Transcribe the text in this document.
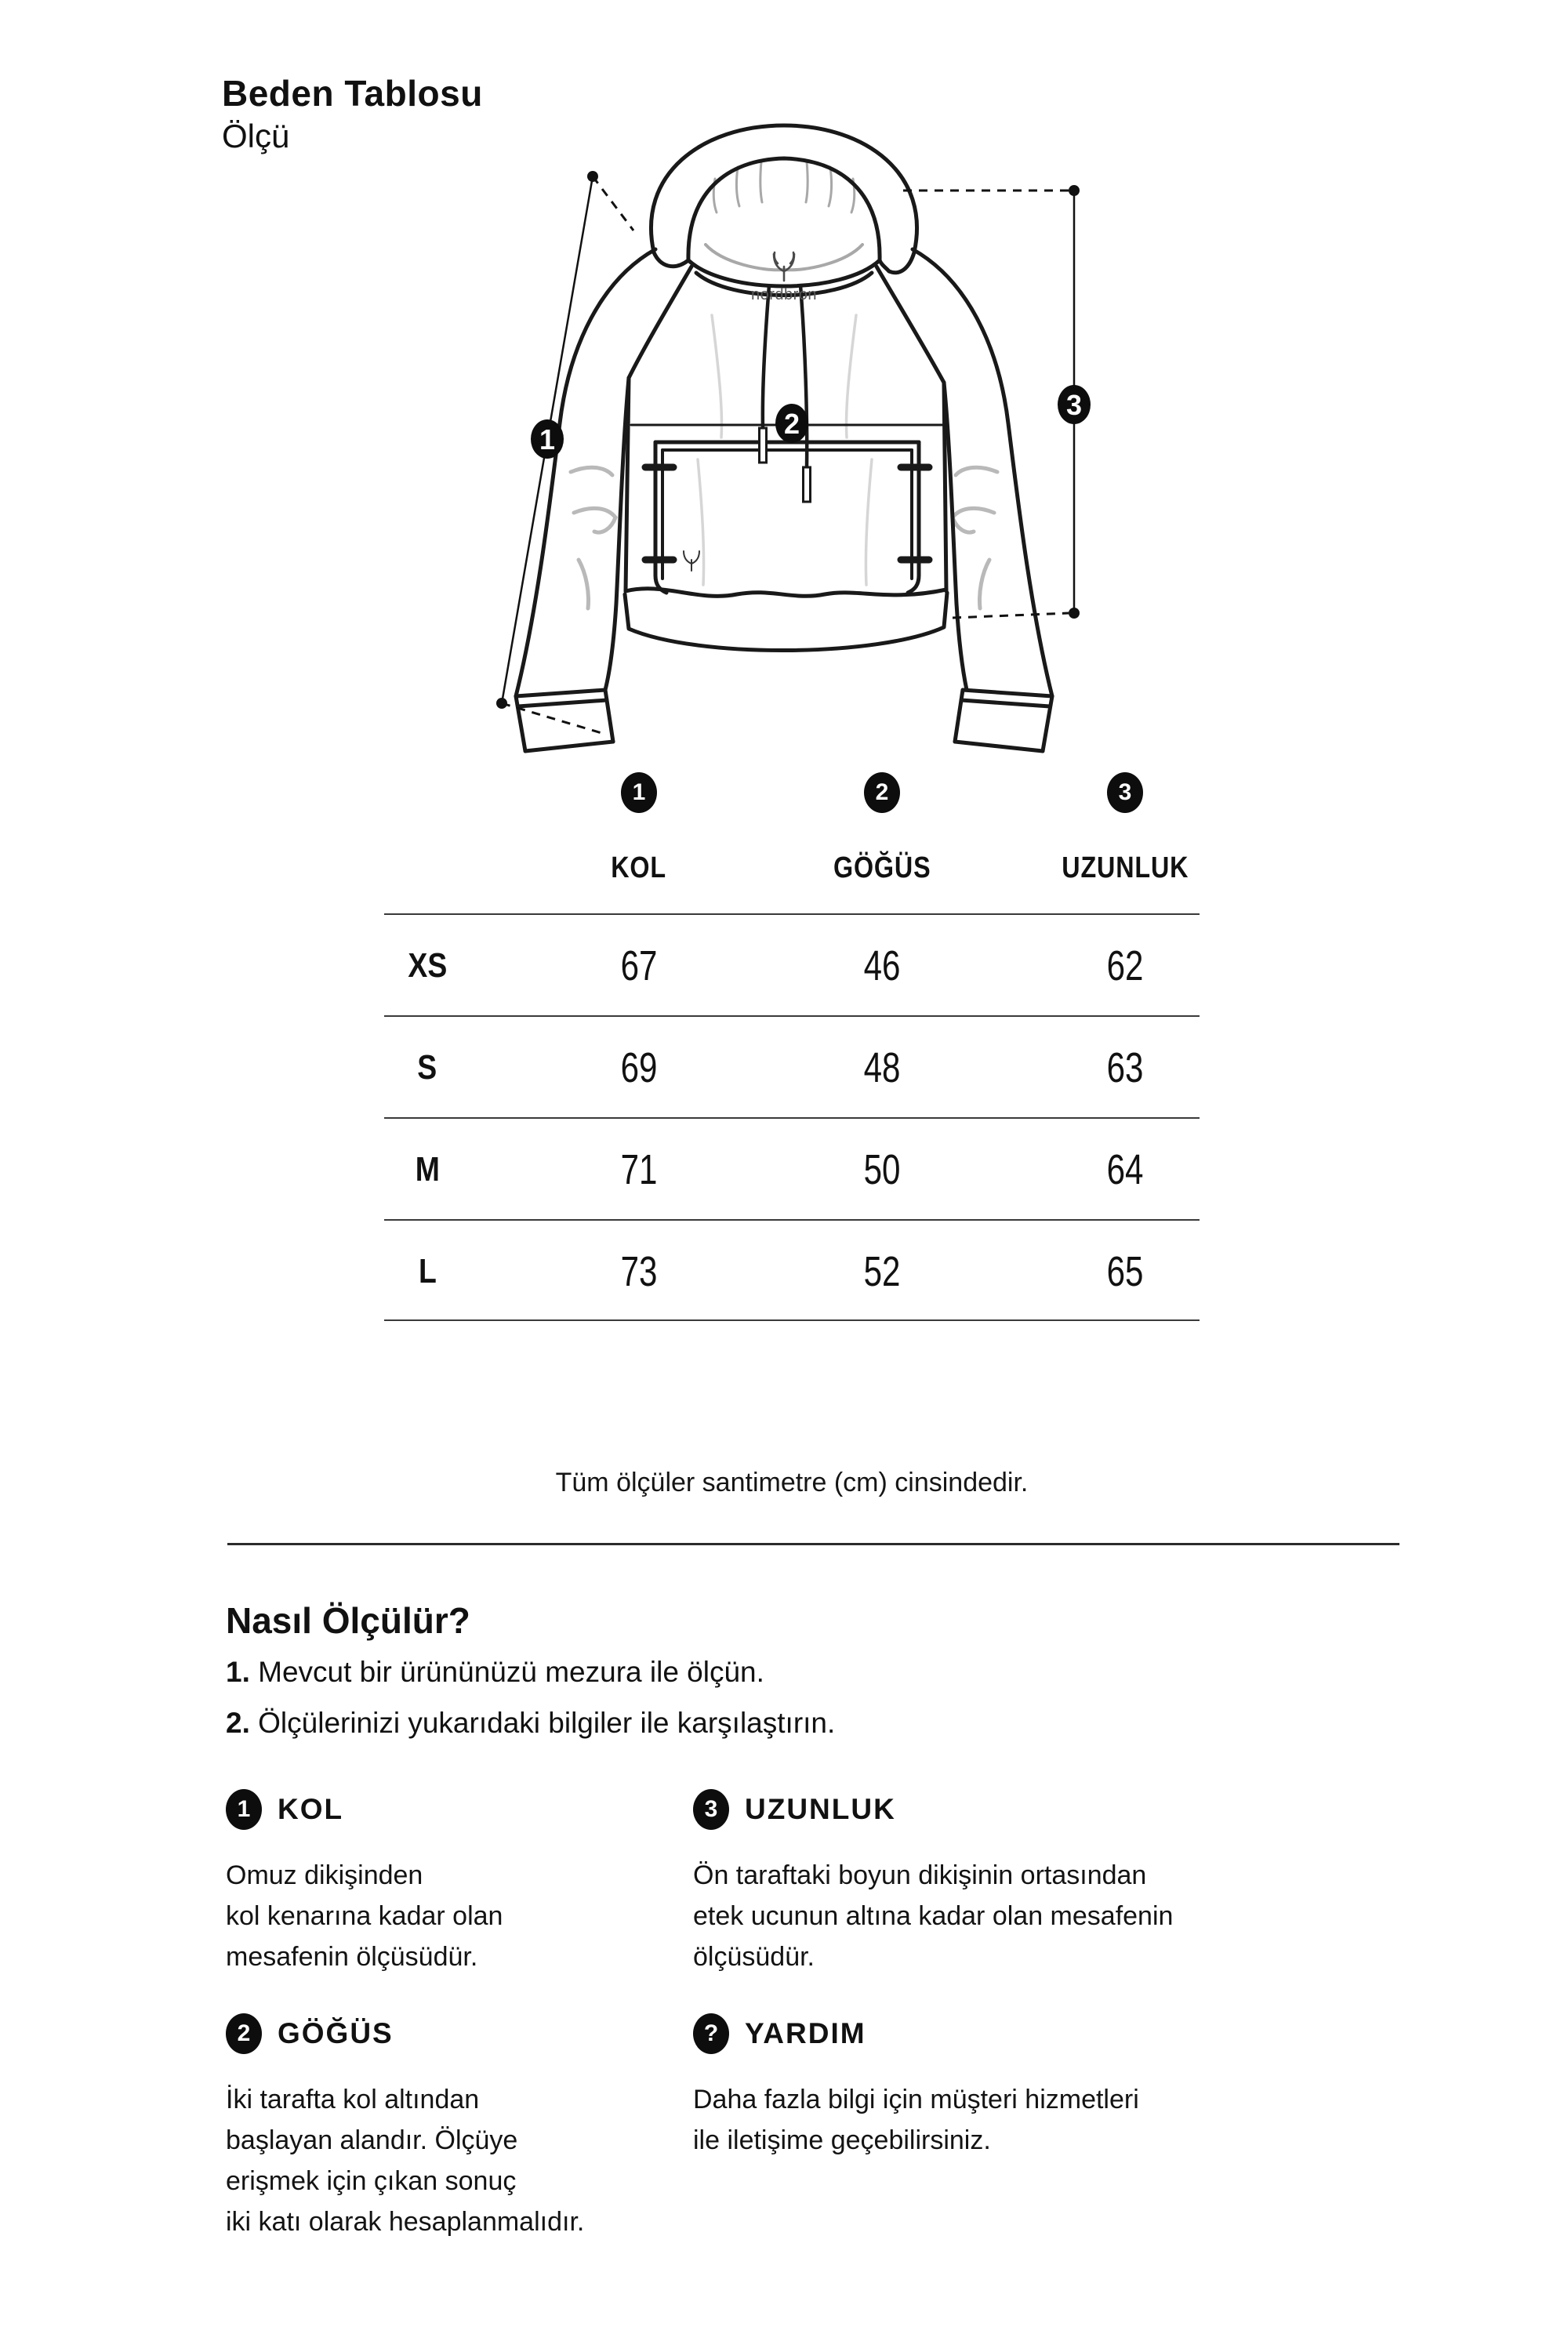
Beden Tablosu
Ölçü
nordbron
1	2
3
1	2	3
KOL	GÖĞÜS	UZUNLUK
XS	67	46	62
S	69	48	63
M	71	50	64
L	73	52	65
Tüm ölçüler santimetre (cm) cinsindedir.
Nasıl Ölçülür?
1. Mevcut bir ürününüzü mezura ile ölçün.
2. Ölçülerinizi yukarıdaki bilgiler ile karşılaştırın.
1 KOL
Omuz dikişinden
kol kenarına kadar olan
mesafenin ölçüsüdür.
3 UZUNLUK
Ön taraftaki boyun dikişinin ortasından
etek ucunun altına kadar olan mesafenin ölçüsüdür.
2 GÖĞÜS
İki tarafta kol altından
başlayan alandır. Ölçüye
erişmek için çıkan sonuç
iki katı olarak hesaplanmalıdır.
? YARDIM
Daha fazla bilgi için müşteri hizmetleri
ile iletişime geçebilirsiniz.
